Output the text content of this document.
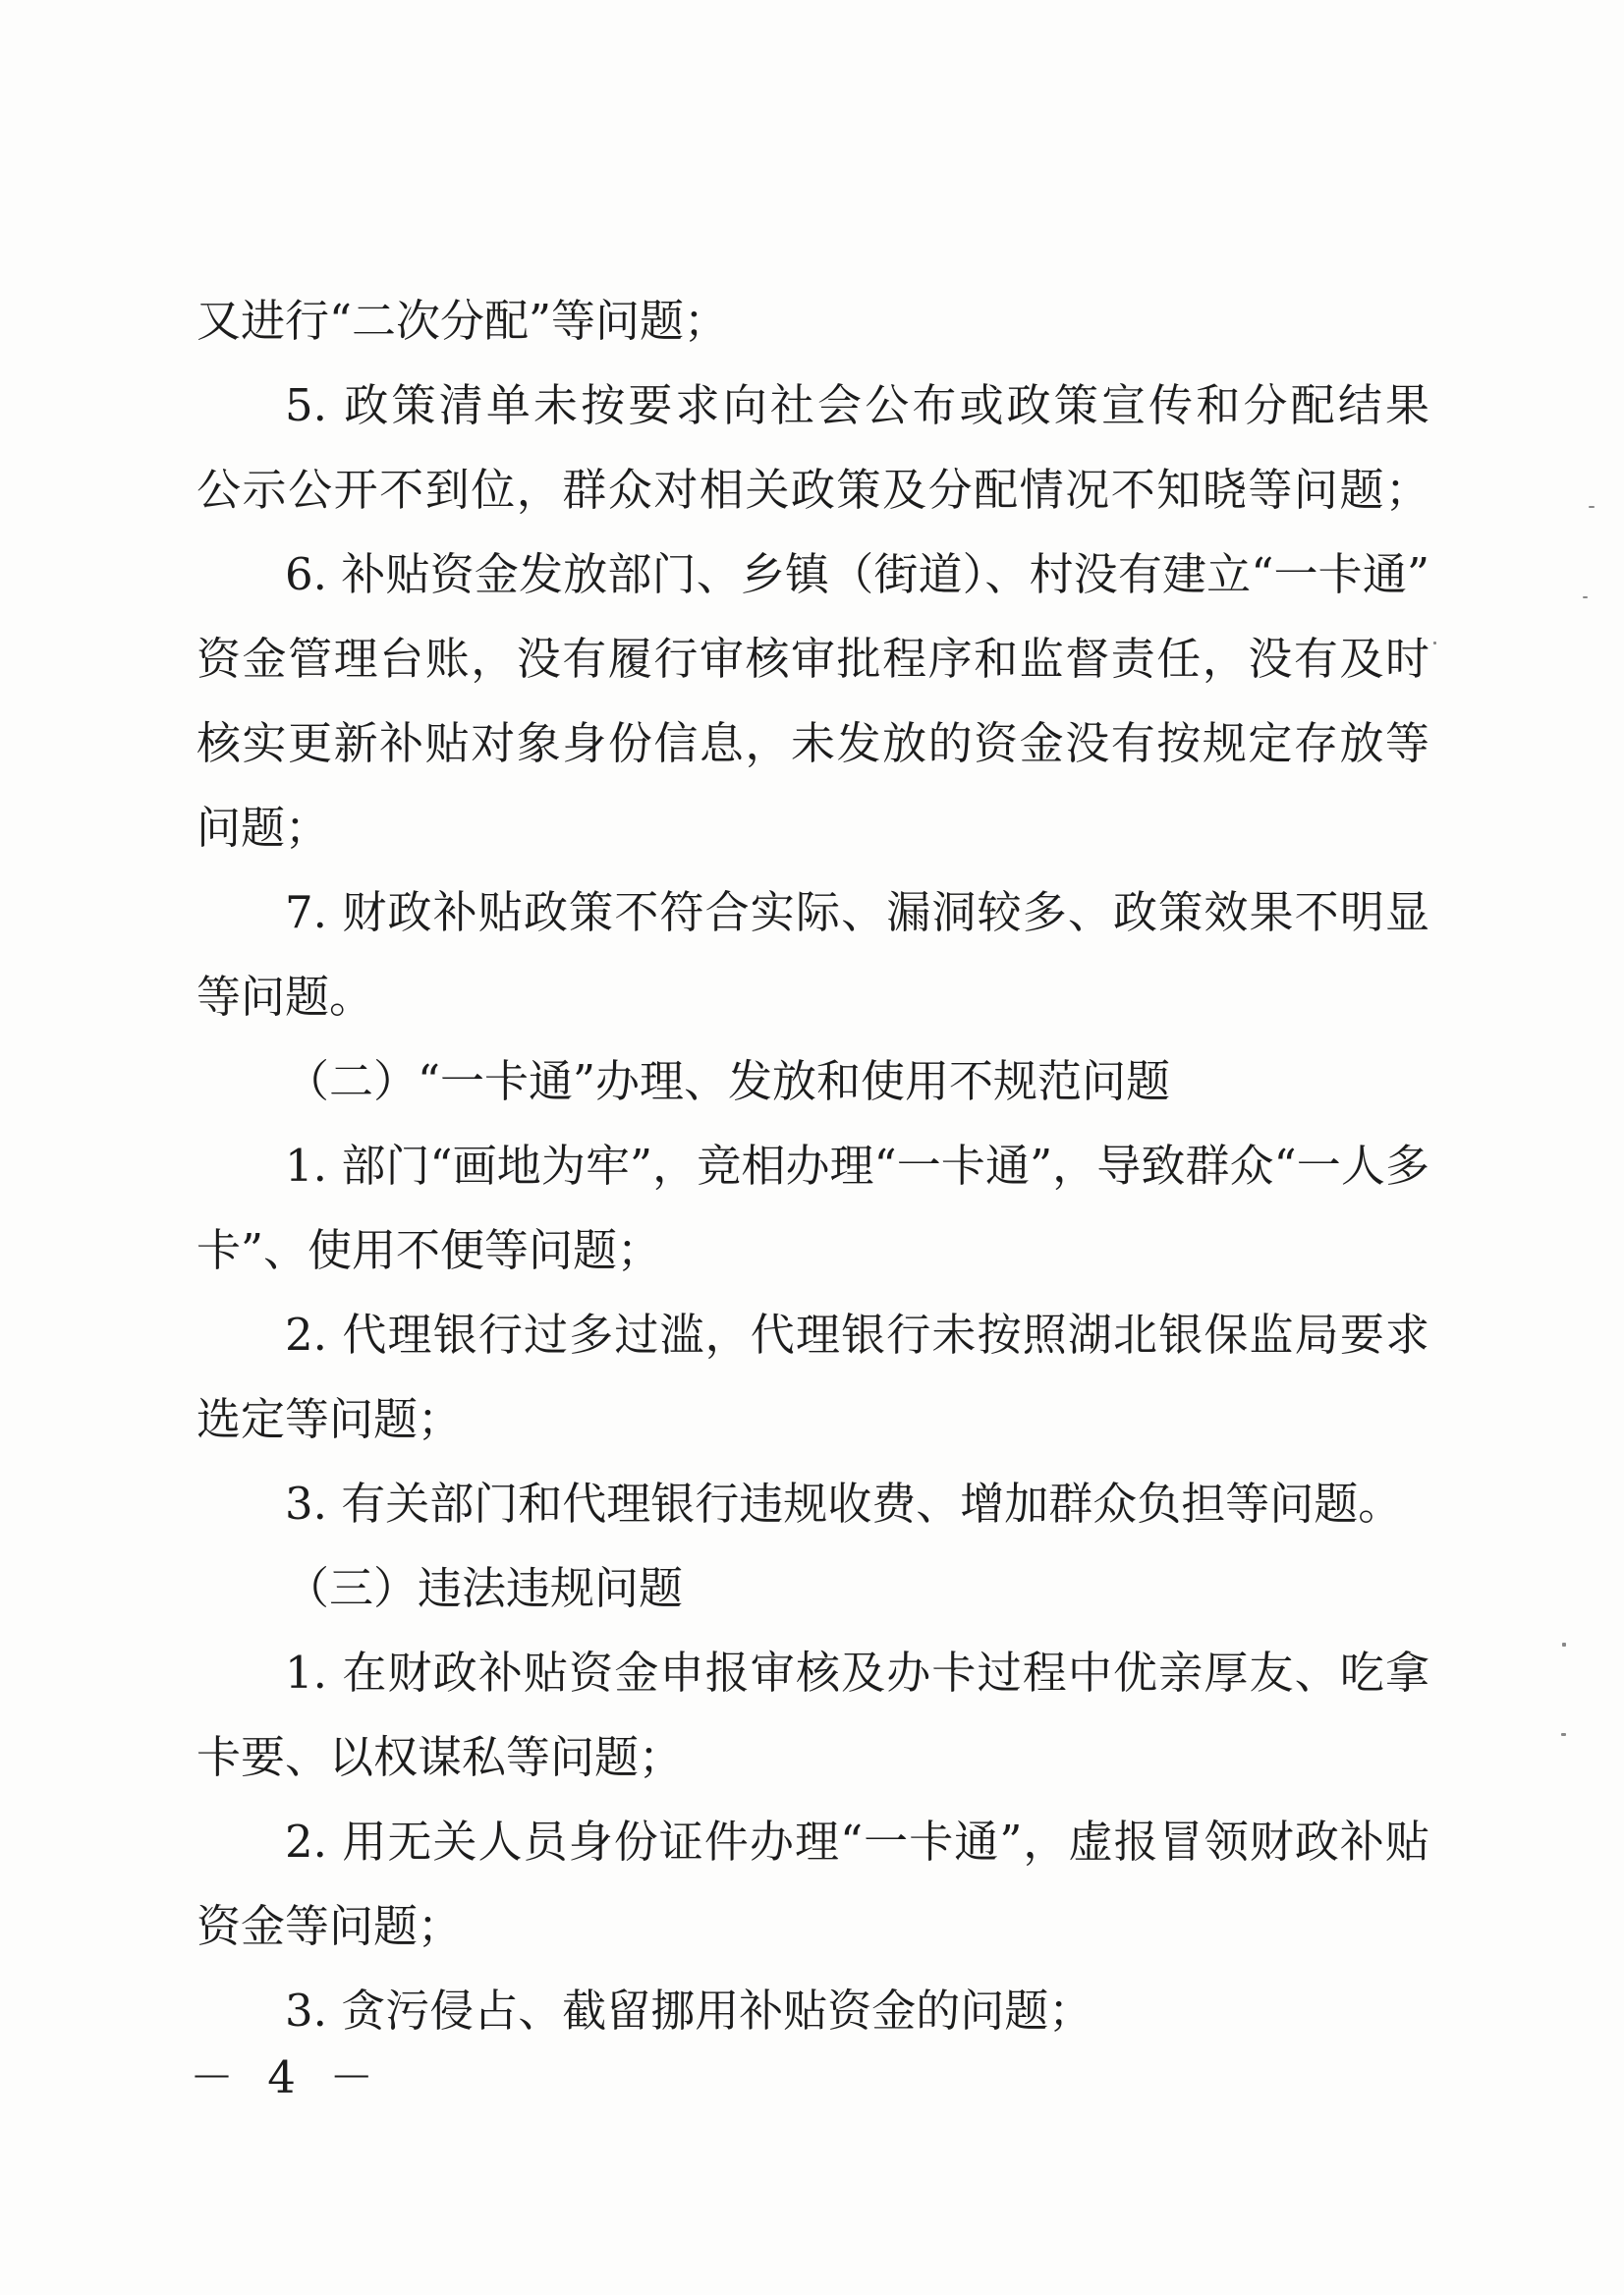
又进行“二次分配”等问题；

5. 政策清单未按要求向社会公布或政策宣传和分配结果

公示公开不到位，群众对相关政策及分配情况不知晓等问题；

6. 补贴资金发放部门、乡镇（街道）、村没有建立“一卡通”

资金管理台账，没有履行审核审批程序和监督责任，没有及时

核实更新补贴对象身份信息，未发放的资金没有按规定存放等

问题；

7. 财政补贴政策不符合实际、漏洞较多、政策效果不明显

等问题。

（二）“一卡通”办理、发放和使用不规范问题

1. 部门“画地为牢”，竞相办理“一卡通”，导致群众“一人多

卡”、使用不便等问题；

2. 代理银行过多过滥，代理银行未按照湖北银保监局要求

选定等问题；

3. 有关部门和代理银行违规收费、增加群众负担等问题。

（三）违法违规问题

1. 在财政补贴资金申报审核及办卡过程中优亲厚友、吃拿

卡要、以权谋私等问题；

2. 用无关人员身份证件办理“一卡通”，虚报冒领财政补贴

资金等问题；

3. 贪污侵占、截留挪用补贴资金的问题；

－ 4 －
